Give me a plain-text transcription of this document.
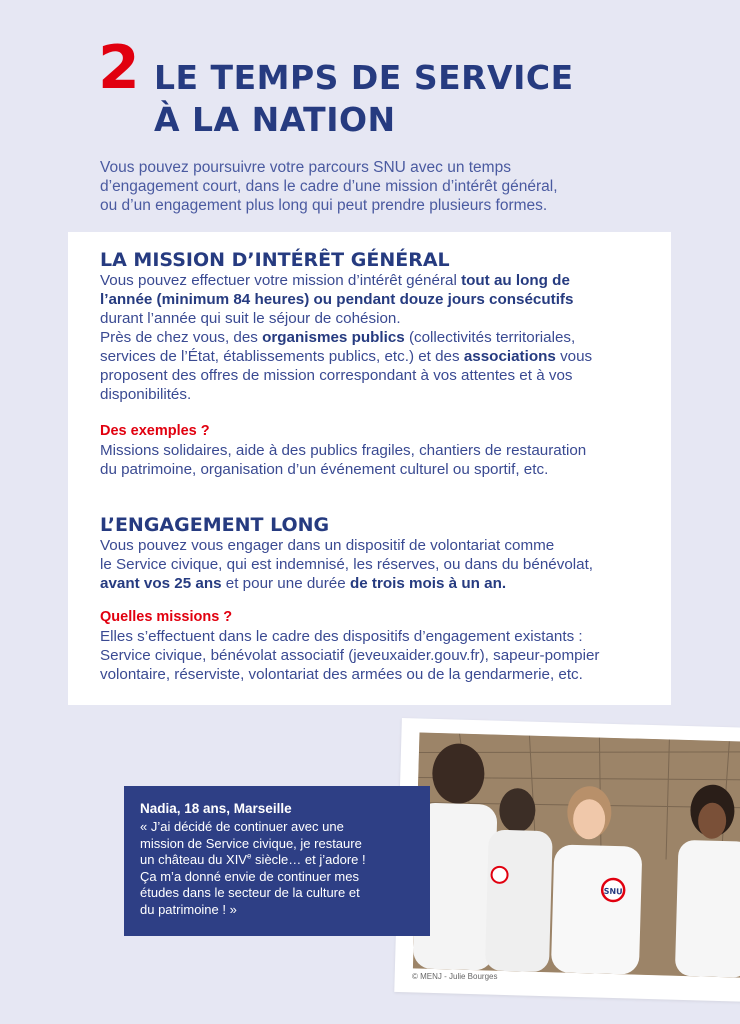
2 LE TEMPS DE SERVICE
À LA NATION
Vous pouvez poursuivre votre parcours SNU avec un temps
d’engagement court, dans le cadre d’une mission d’intérêt général,
ou d’un engagement plus long qui peut prendre plusieurs formes.
LA MISSION D’INTÉRÊT GÉNÉRAL
Vous pouvez effectuer votre mission d’intérêt général tout au long de
l’année (minimum 84 heures) ou pendant douze jours consécutifs
durant l’année qui suit le séjour de cohésion.
Près de chez vous, des organismes publics (collectivités territoriales,
services de l’État, établissements publics, etc.) et des associations vous
proposent des offres de mission correspondant à vos attentes et à vos
disponibilités.
Des exemples ?
Missions solidaires, aide à des publics fragiles, chantiers de restauration
du patrimoine, organisation d’un événement culturel ou sportif, etc.
L’ENGAGEMENT LONG
Vous pouvez vous engager dans un dispositif de volontariat comme
le Service civique, qui est indemnisé, les réserves, ou dans du bénévolat,
avant vos 25 ans et pour une durée de trois mois à un an.
Quelles missions ?
Elles s’effectuent dans le cadre des dispositifs d’engagement existants :
Service civique, bénévolat associatif (jeveuxaider.gouv.fr), sapeur-pompier
volontaire, réserviste, volontariat des armées ou de la gendarmerie, etc.
SNU
© MENJ - Julie Bourges
Nadia, 18 ans, Marseille
« J’ai décidé de continuer avec une
mission de Service civique, je restaure
un château du XIVe siècle… et j’adore !
Ça m’a donné envie de continuer mes
études dans le secteur de la culture et
du patrimoine ! »
